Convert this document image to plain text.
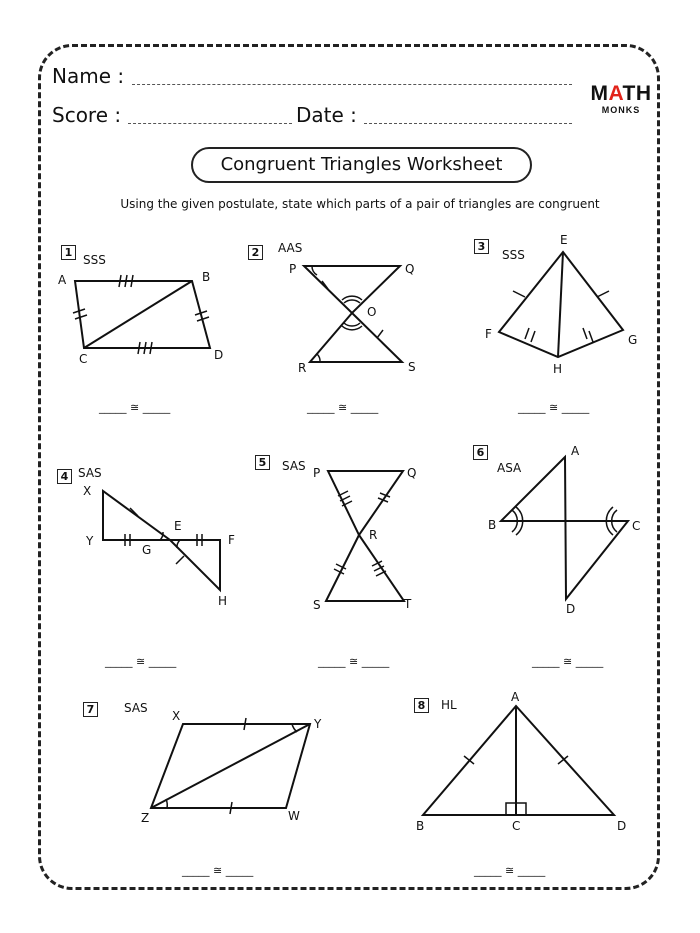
Name :
Score :	Date :
MATH
MONKS
Congruent Triangles Worksheet
Using the given postulate, state which parts of a pair of triangles are congruent
1
SSS
2	AAS	3
SSS
4 SAS
5	SAS
6
ASA
7	SAS	8	HL
A	B
C	D
P	Q
O
R	S
E
F	G
H
X
Y
E
G
F
H
P	Q
R
S	T
A
B	C
D
X
Y
Z	W
A
B	C	D
_____ ≅ _____	_____ ≅ _____	_____ ≅ _____
_____ ≅ _____	_____ ≅ _____	_____ ≅ _____
_____ ≅ _____	_____ ≅ _____
